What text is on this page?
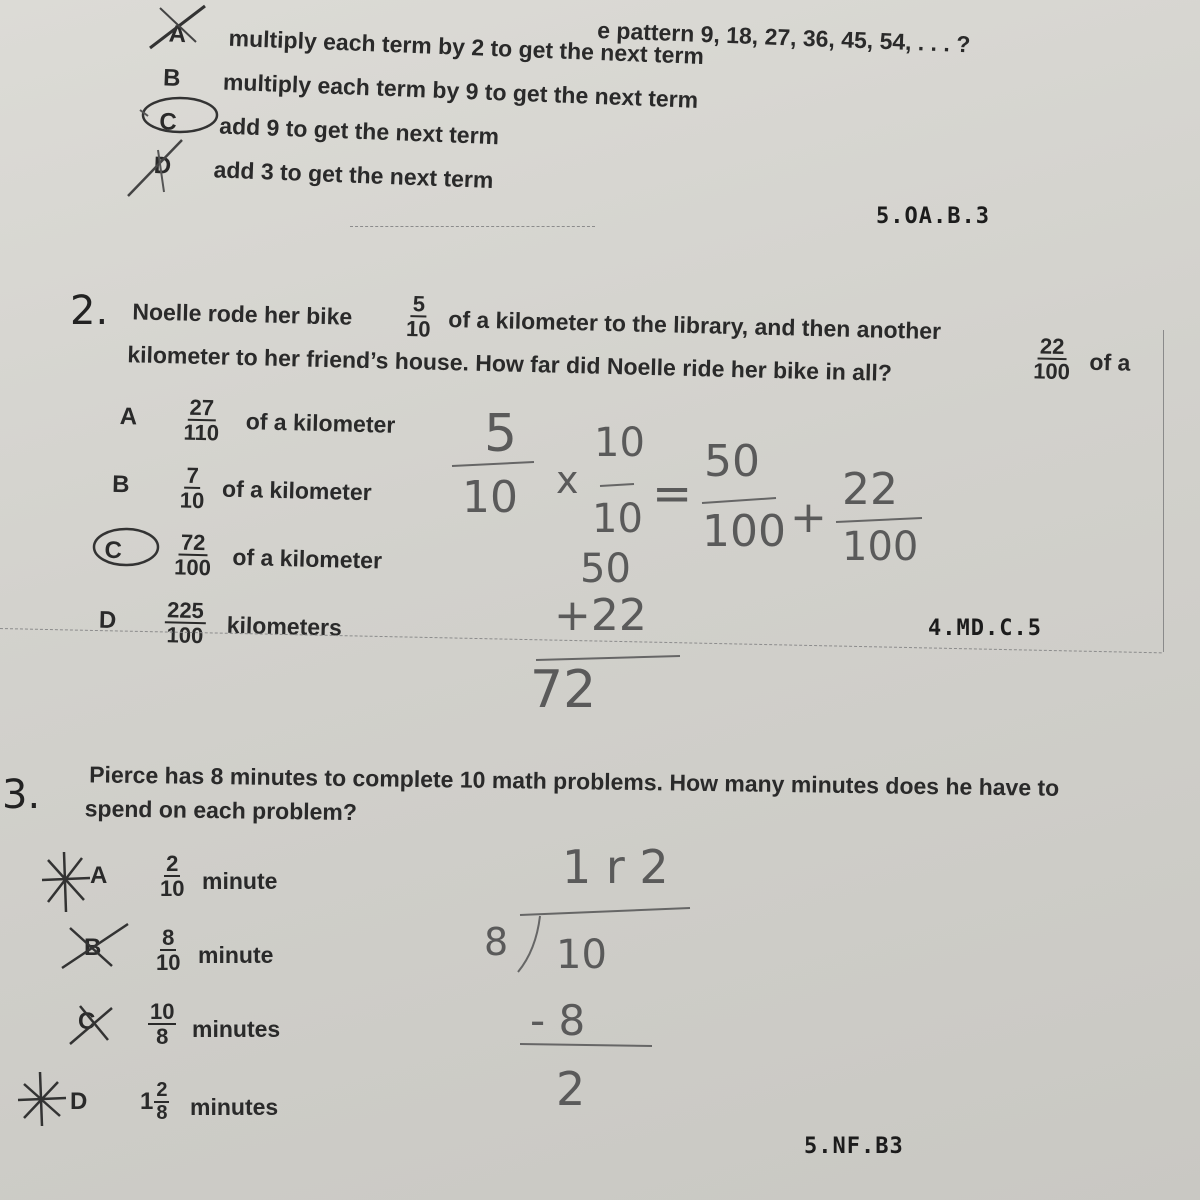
e pattern 9, 18, 27, 36, 45, 54, . . . ?
A multiply each term by 2 to get the next term
B multiply each term by 9 to get the next term
C add 9 to get the next term
D add 3 to get the next term
5.OA.B.3
2. Noelle rode her bike $\frac{5}{10}$ of a kilometer to the library, and then another
$\frac{22}{100}$ of a
kilometer to her friend’s house. How far did Noelle ride her bike in all?
A $\frac{27}{110}$ of a kilometer
B $\frac{7}{10}$ of a kilometer
C $\frac{72}{100}$ of a kilometer
D $\frac{225}{100}$ kilometers
5
10 x
10
10 =
50
100 +
22
100
50
+22
72
4.MD.C.5
3. Pierce has 8 minutes to complete 10 math problems. How many minutes does he have to
spend on each problem?
A $\frac{2}{10}$ minute
B $\frac{8}{10}$ minute
C $\frac{10}{8}$ minutes
D $1 \frac{2}{8}$ minutes
1 r 2
8 10
- 8
2
5.NF.B3
